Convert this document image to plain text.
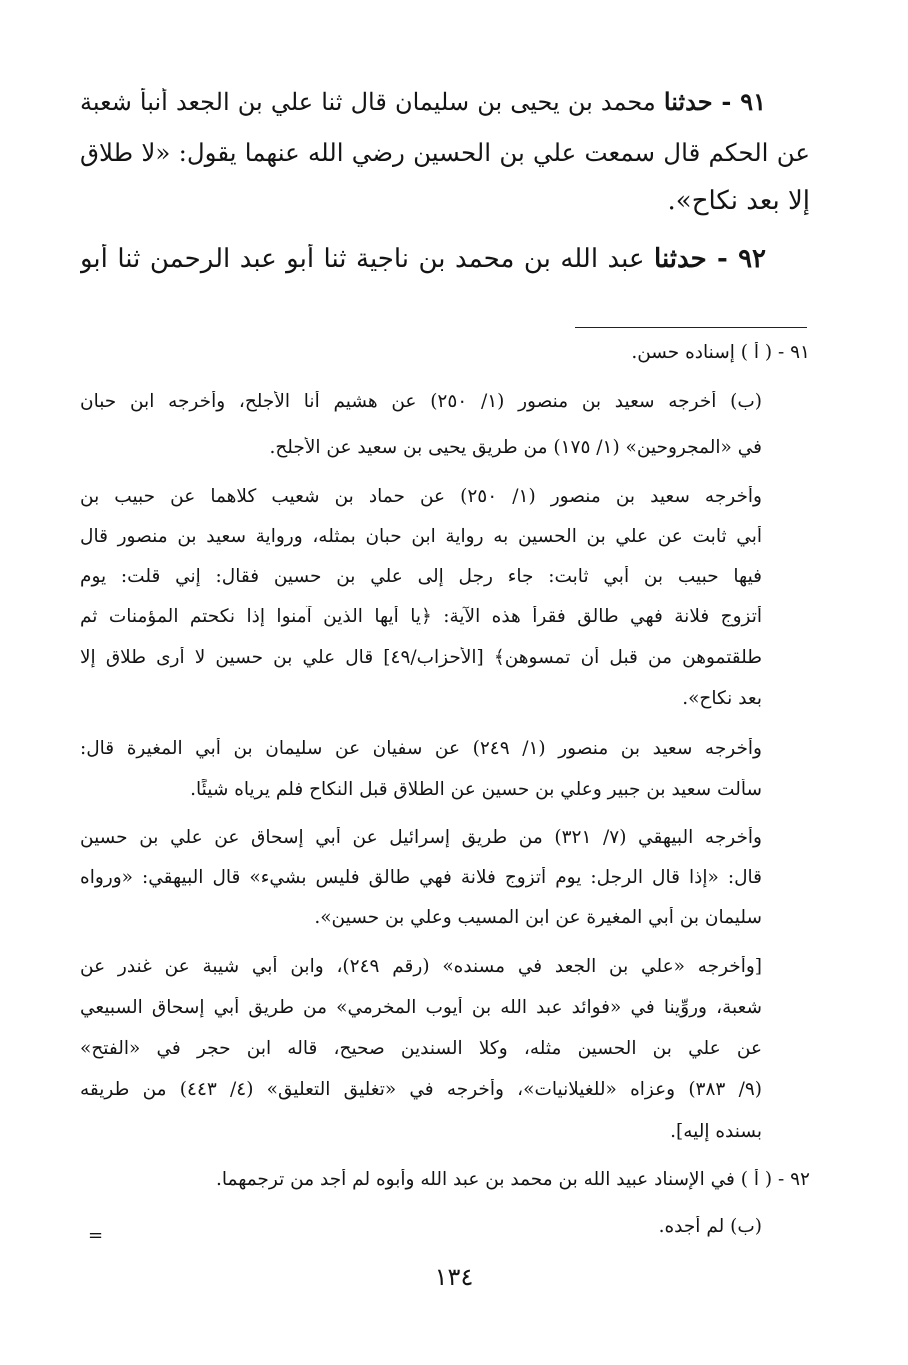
٩١ - حدثنا محمد بن يحيى بن سليمان قال ثنا علي بن الجعد أنبأ شعبة
عن الحكم قال سمعت علي بن الحسين رضي الله عنهما يقول: «لا طلاق
إلا بعد نكاح».
٩٢ - حدثنا عبد الله بن محمد بن ناجية ثنا أبو عبد الرحمن ثنا أبو
٩١ - ( أ ) إسناده حسن.
(ب) أخرجه سعيد بن منصور (١/ ٢٥٠) عن هشيم أنا الأجلح، وأخرجه ابن حبان
في «المجروحين» (١/ ١٧٥) من طريق يحيى بن سعيد عن الأجلح.
وأخرجه سعيد بن منصور (١/ ٢٥٠) عن حماد بن شعيب كلاهما عن حبيب بن
أبي ثابت عن علي بن الحسين به رواية ابن حبان بمثله، ورواية سعيد بن منصور قال
فيها حبيب بن أبي ثابت: جاء رجل إلى علي بن حسين فقال: إني قلت: يوم
أتزوج فلانة فهي طالق فقرأ هذه الآية: ﴿يا أيها الذين آمنوا إذا نكحتم المؤمنات ثم
طلقتموهن من قبل أن تمسوهن﴾ [الأحزاب/٤٩] قال علي بن حسين لا أرى طلاق إلا
بعد نكاح».
وأخرجه سعيد بن منصور (١/ ٢٤٩) عن سفيان عن سليمان بن أبي المغيرة قال:
سألت سعيد بن جبير وعلي بن حسين عن الطلاق قبل النكاح فلم يرياه شيئًا.
وأخرجه البيهقي (٧/ ٣٢١) من طريق إسرائيل عن أبي إسحاق عن علي بن حسين
قال: «إذا قال الرجل: يوم أتزوج فلانة فهي طالق فليس بشيء» قال البيهقي: «ورواه
سليمان بن أبي المغيرة عن ابن المسيب وعلي بن حسين».
[وأخرجه «علي بن الجعد في مسنده» (رقم ٢٤٩)، وابن أبي شيبة عن غندر عن
شعبة، وروِّينا في «فوائد عبد الله بن أيوب المخرمي» من طريق أبي إسحاق السبيعي
عن علي بن الحسين مثله، وكلا السندين صحيح، قاله ابن حجر في «الفتح»
(٩/ ٣٨٣) وعزاه «للغيلانيات»، وأخرجه في «تغليق التعليق» (٤/ ٤٤٣) من طريقه
بسنده إليه].
٩٢ - ( أ ) في الإسناد عبيد الله بن محمد بن عبد الله وأبوه لم أجد من ترجمهما.
(ب) لم أجده.
=
١٣٤
